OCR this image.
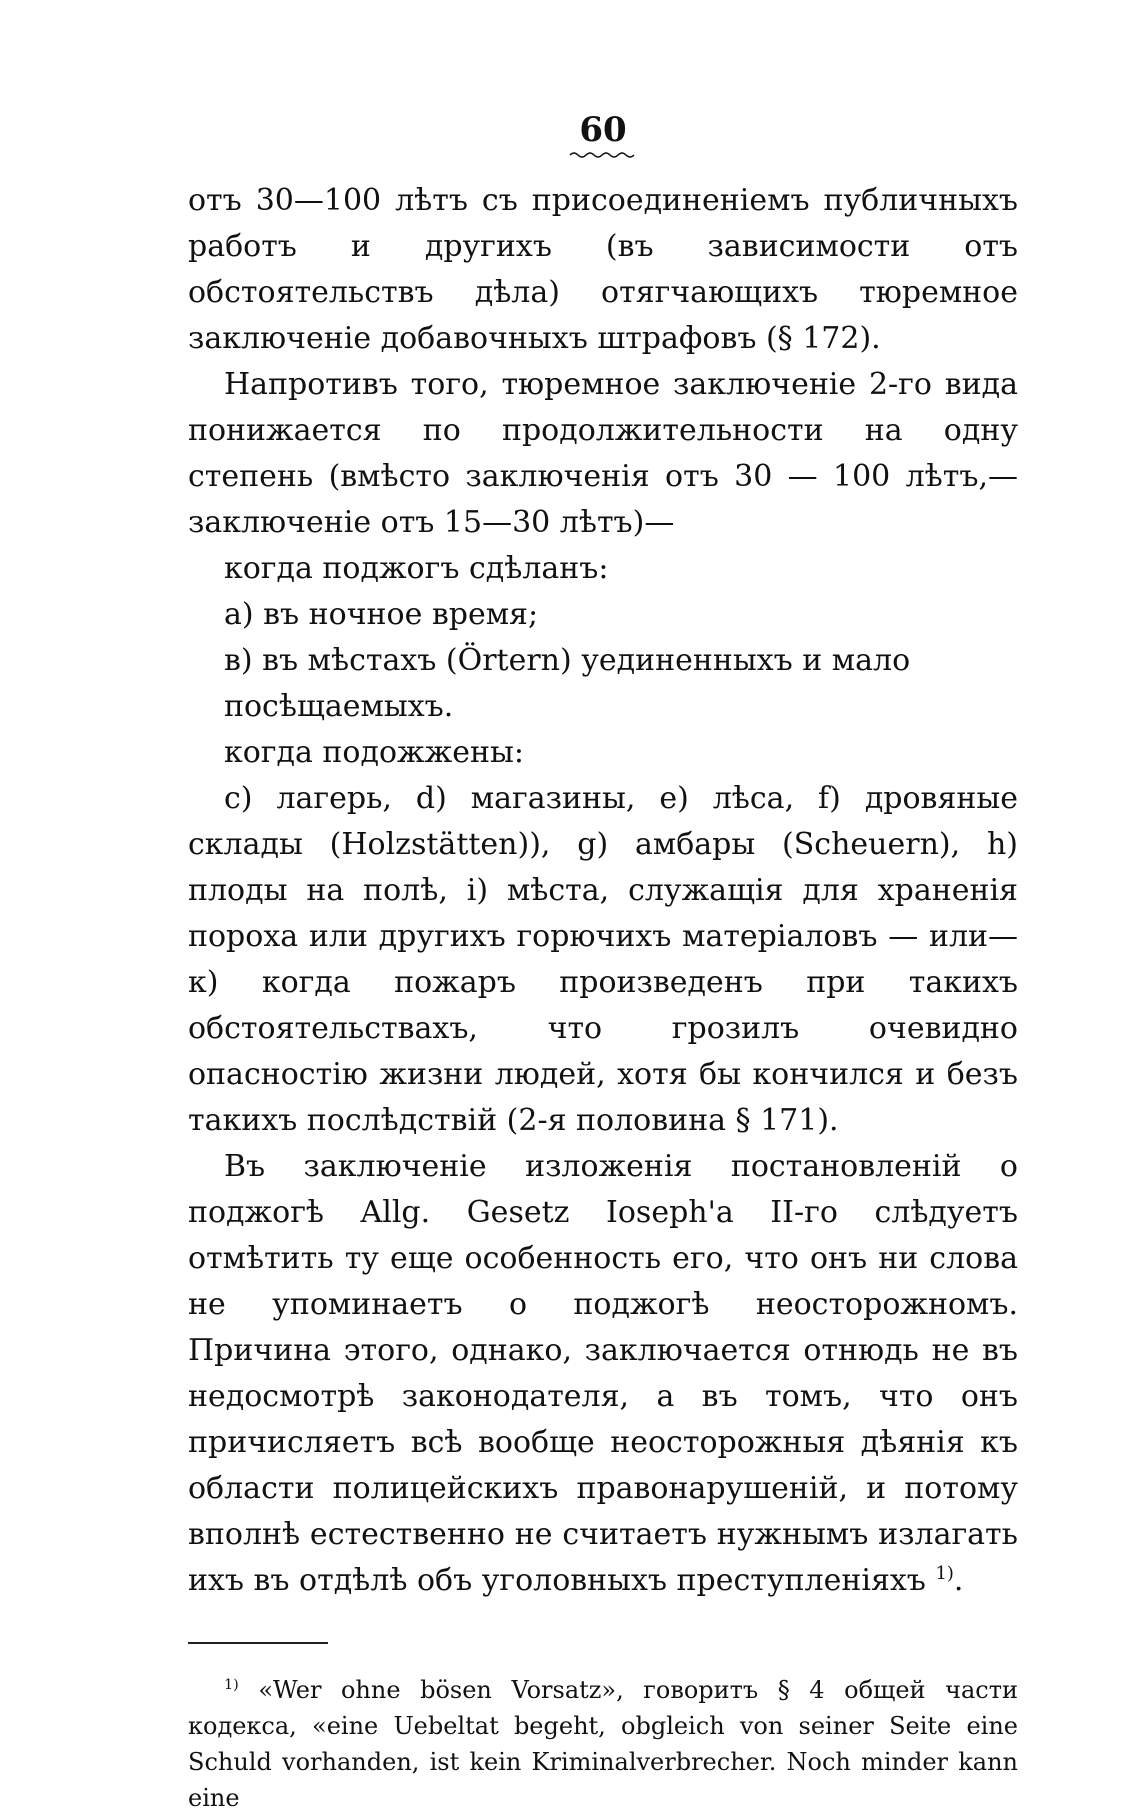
60

отъ 30—100 лѣтъ съ присоединенiемъ публичныхъ работъ и другихъ (въ зависимости отъ обстоятельствъ дѣла) отягчающихъ тюремное заключенiе добавочныхъ штрафовъ (§ 172).

Напротивъ того, тюремное заключенiе 2-го вида понижается по продолжительности на одну степень (вмѣсто заключенiя отъ 30 — 100 лѣтъ,—заключенiе отъ 15—30 лѣтъ)—

когда поджогъ сдѣланъ:

a) въ ночное время;

в) въ мѣстахъ (Örtern) уединенныхъ и мало посѣщаемыхъ.

когда подожжены:

c) лагерь, d) магазины, e) лѣса, f) дровяные склады (Holzstätten)), g) амбары (Scheuern), h) плоды на полѣ, i) мѣста, служащiя для храненiя пороха или другихъ горючихъ матерiаловъ — или—к) когда пожаръ произведенъ при такихъ обстоятельствахъ, что грозилъ очевидно опасностiю жизни людей, хотя бы кончился и безъ такихъ послѣдствiй (2-я половина § 171).

Въ заключенiе изложенiя постановленiй о поджогѣ Allg. Gesetz Ioseph'a II-го слѣдуетъ отмѣтить ту еще особенность его, что онъ ни слова не упоминаетъ о поджогѣ неосторожномъ. Причина этого, однако, заключается отнюдь не въ недосмотрѣ законодателя, а въ томъ, что онъ причисляетъ всѣ вообще неосторожныя дѣянiя къ области полицейскихъ правонарушенiй, и потому вполнѣ естественно не считаетъ нужнымъ излагать ихъ въ отдѣлѣ объ уголовныхъ преступленiяхъ $^{1)}$.

$^{1)}$ «Wer ohne bösen Vorsatz», говоритъ § 4 общей части кодекса, «eine Uebeltat begeht, obgleich von seiner Seite eine Schuld vorhanden, ist kein Kriminalverbrecher. Noch minder kann eine
